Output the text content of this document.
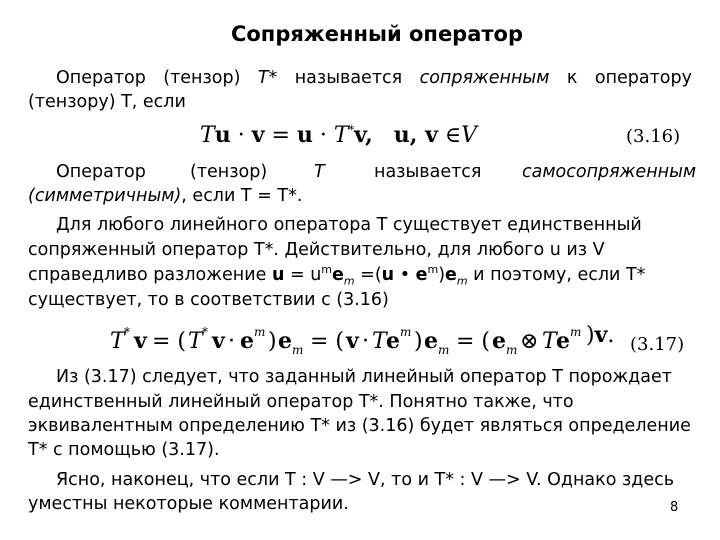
Сопряженный оператор
Оператор (тензор) T* называется сопряженным к оператору
(тензору) T, если
Tu · v = u · T*v, u, v ∈V	(3.16)
Оператор	(тензор)	T	называется самосопряженным
(симметричным), если T = T*.
Для любого линейного оператора T существует единственный
сопряженный оператор T*. Действительно, для любого u из V
справедливо разложение $u = u^me_m =(u$ • $e^m)e_m$ и поэтому, если T*
существует, то в соответствии с (3.16)
T * v = ( T * v · e m ) e m = ( v · T e m ) e m = ( e m ⊗ T e m )v. (3.17)
Из (3.17) следует, что заданный линейный оператор T порождает
единственный линейный оператор T*. Понятно также, что
эквивалентным определению T* из (3.16) будет являться определение
T* с помощью (3.17).
Ясно, наконец, что если T : V —> V, то и T* : V —> V. Однако здесь
уместны некоторые комментарии.	8
